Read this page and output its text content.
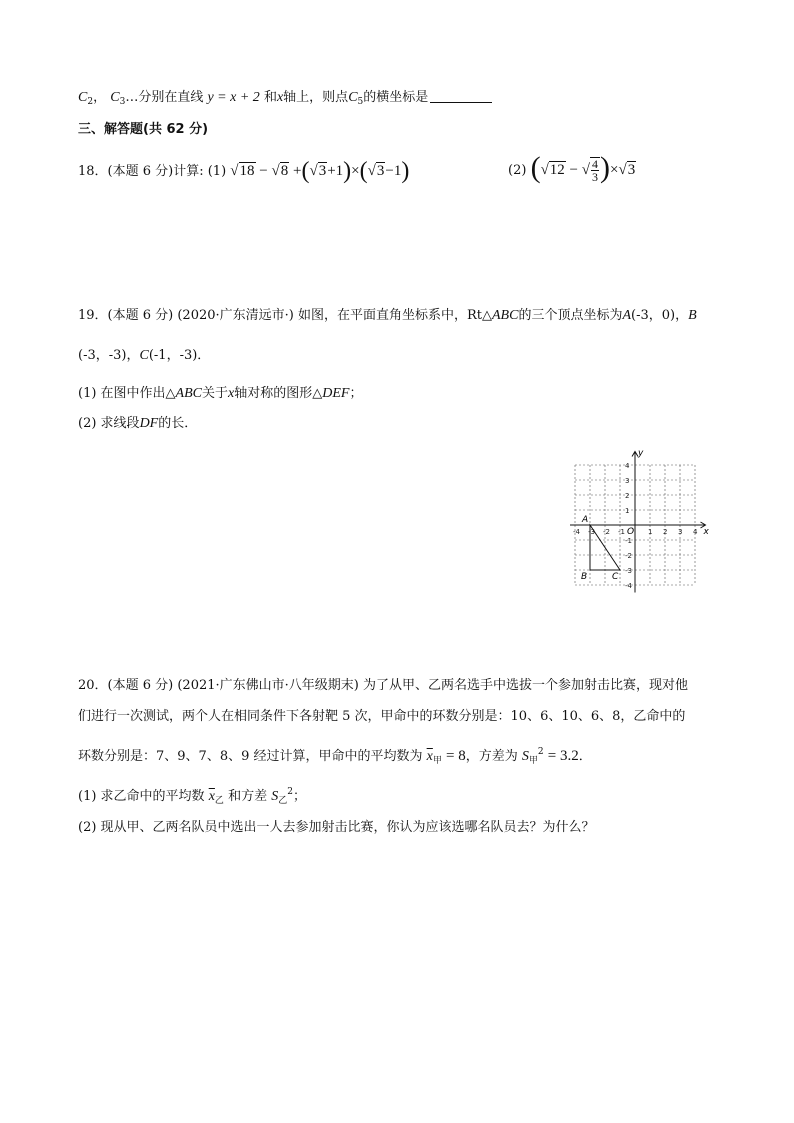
$C_2$， $C_3\dots$分别在直线 y = x + 2 和x轴上，则点$C_5$的横坐标是
三、解答题(共 62 分)
18．(本题 6 分)计算: (1) √18 − √8 +(√3+1)×(√3−1)	(2) (√12 − √ $\frac{4}{3} )\times√3$
19．(本题 6 分) (2020·广东清远市·) 如图，在平面直角坐标系中，Rt△ABC的三个顶点坐标为A(-3，0)，B
(-3，-3)，C(-1，-3)．
(1) 在图中作出△ABC关于x轴对称的图形△DEF；
(2) 求线段DF的长．
-4 -3 -2 -1	1 2 3 4
4
3
2
1
-1
-2
-3
-4
A
B	C
O	x
y
20．(本题 6 分) (2021·广东佛山市·八年级期末) 为了从甲、乙两名选手中选拔一个参加射击比赛，现对他
们进行一次测试，两个人在相同条件下各射靶 5 次，甲命中的环数分别是：10、6、10、6、8，乙命中的
环数分别是：7、9、7、8、9 经过计算，甲命中的平均数为 $\overline{x}_甲 = 8$，方差为 $S_甲^2 = 3.2$．
(1) 求乙命中的平均数 $\overline{x}_乙$ 和方差 $S_乙^2$；
(2) 现从甲、乙两名队员中选出一人去参加射击比赛，你认为应该选哪名队员去？为什么？
